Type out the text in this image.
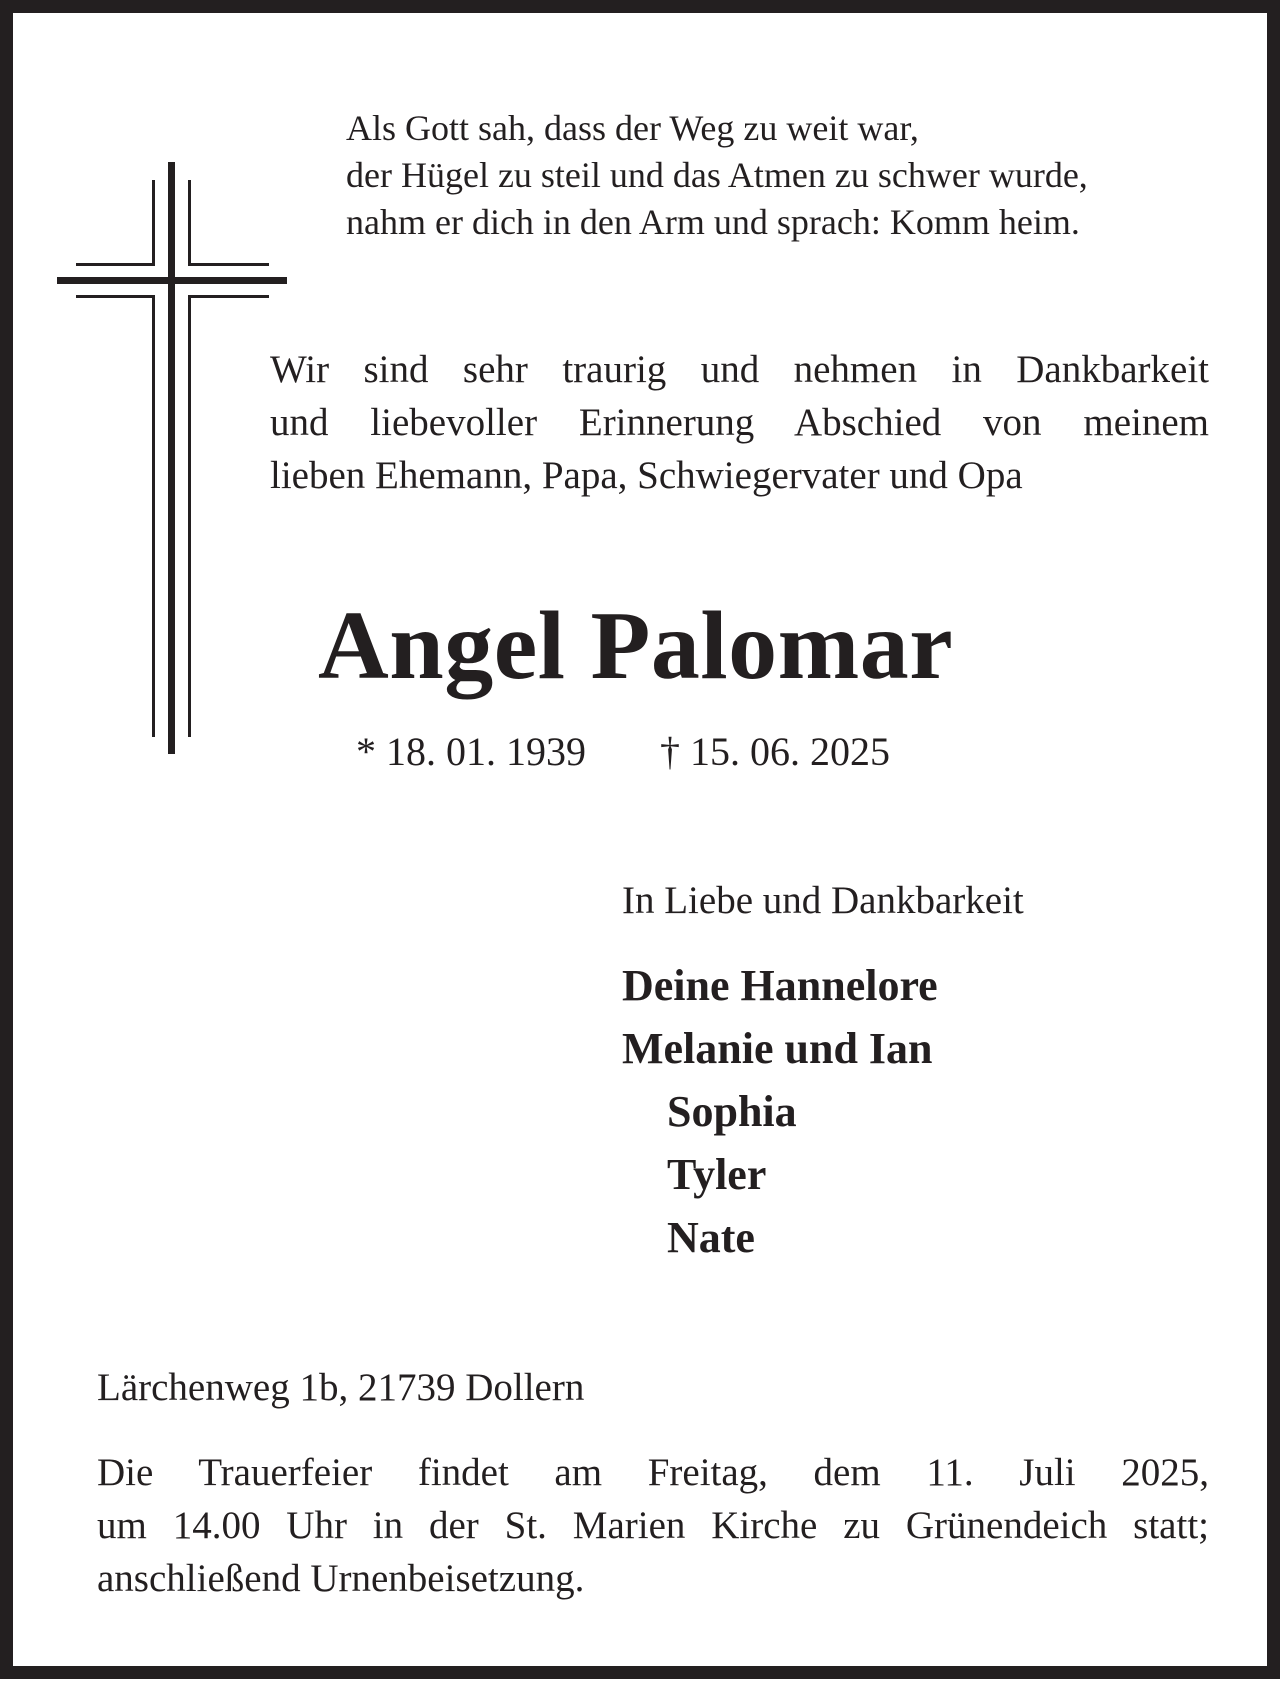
Als Gott sah, dass der Weg zu weit war,
der Hügel zu steil und das Atmen zu schwer wurde,
nahm er dich in den Arm und sprach: Komm heim.
Wir sind sehr traurig und nehmen in Dankbarkeit
und liebevoller Erinnerung Abschied von meinem
lieben Ehemann, Papa, Schwiegervater und Opa
Angel Palomar
* 18. 01. 1939 † 15. 06. 2025
In Liebe und Dankbarkeit
Deine Hannelore
Melanie und Ian
Sophia
Tyler
Nate
Lärchenweg 1b, 21739 Dollern
Die Trauerfeier findet am Freitag, dem 11. Juli 2025,
um 14.00 Uhr in der St. Marien Kirche zu Grünendeich statt;
anschließend Urnenbeisetzung.
